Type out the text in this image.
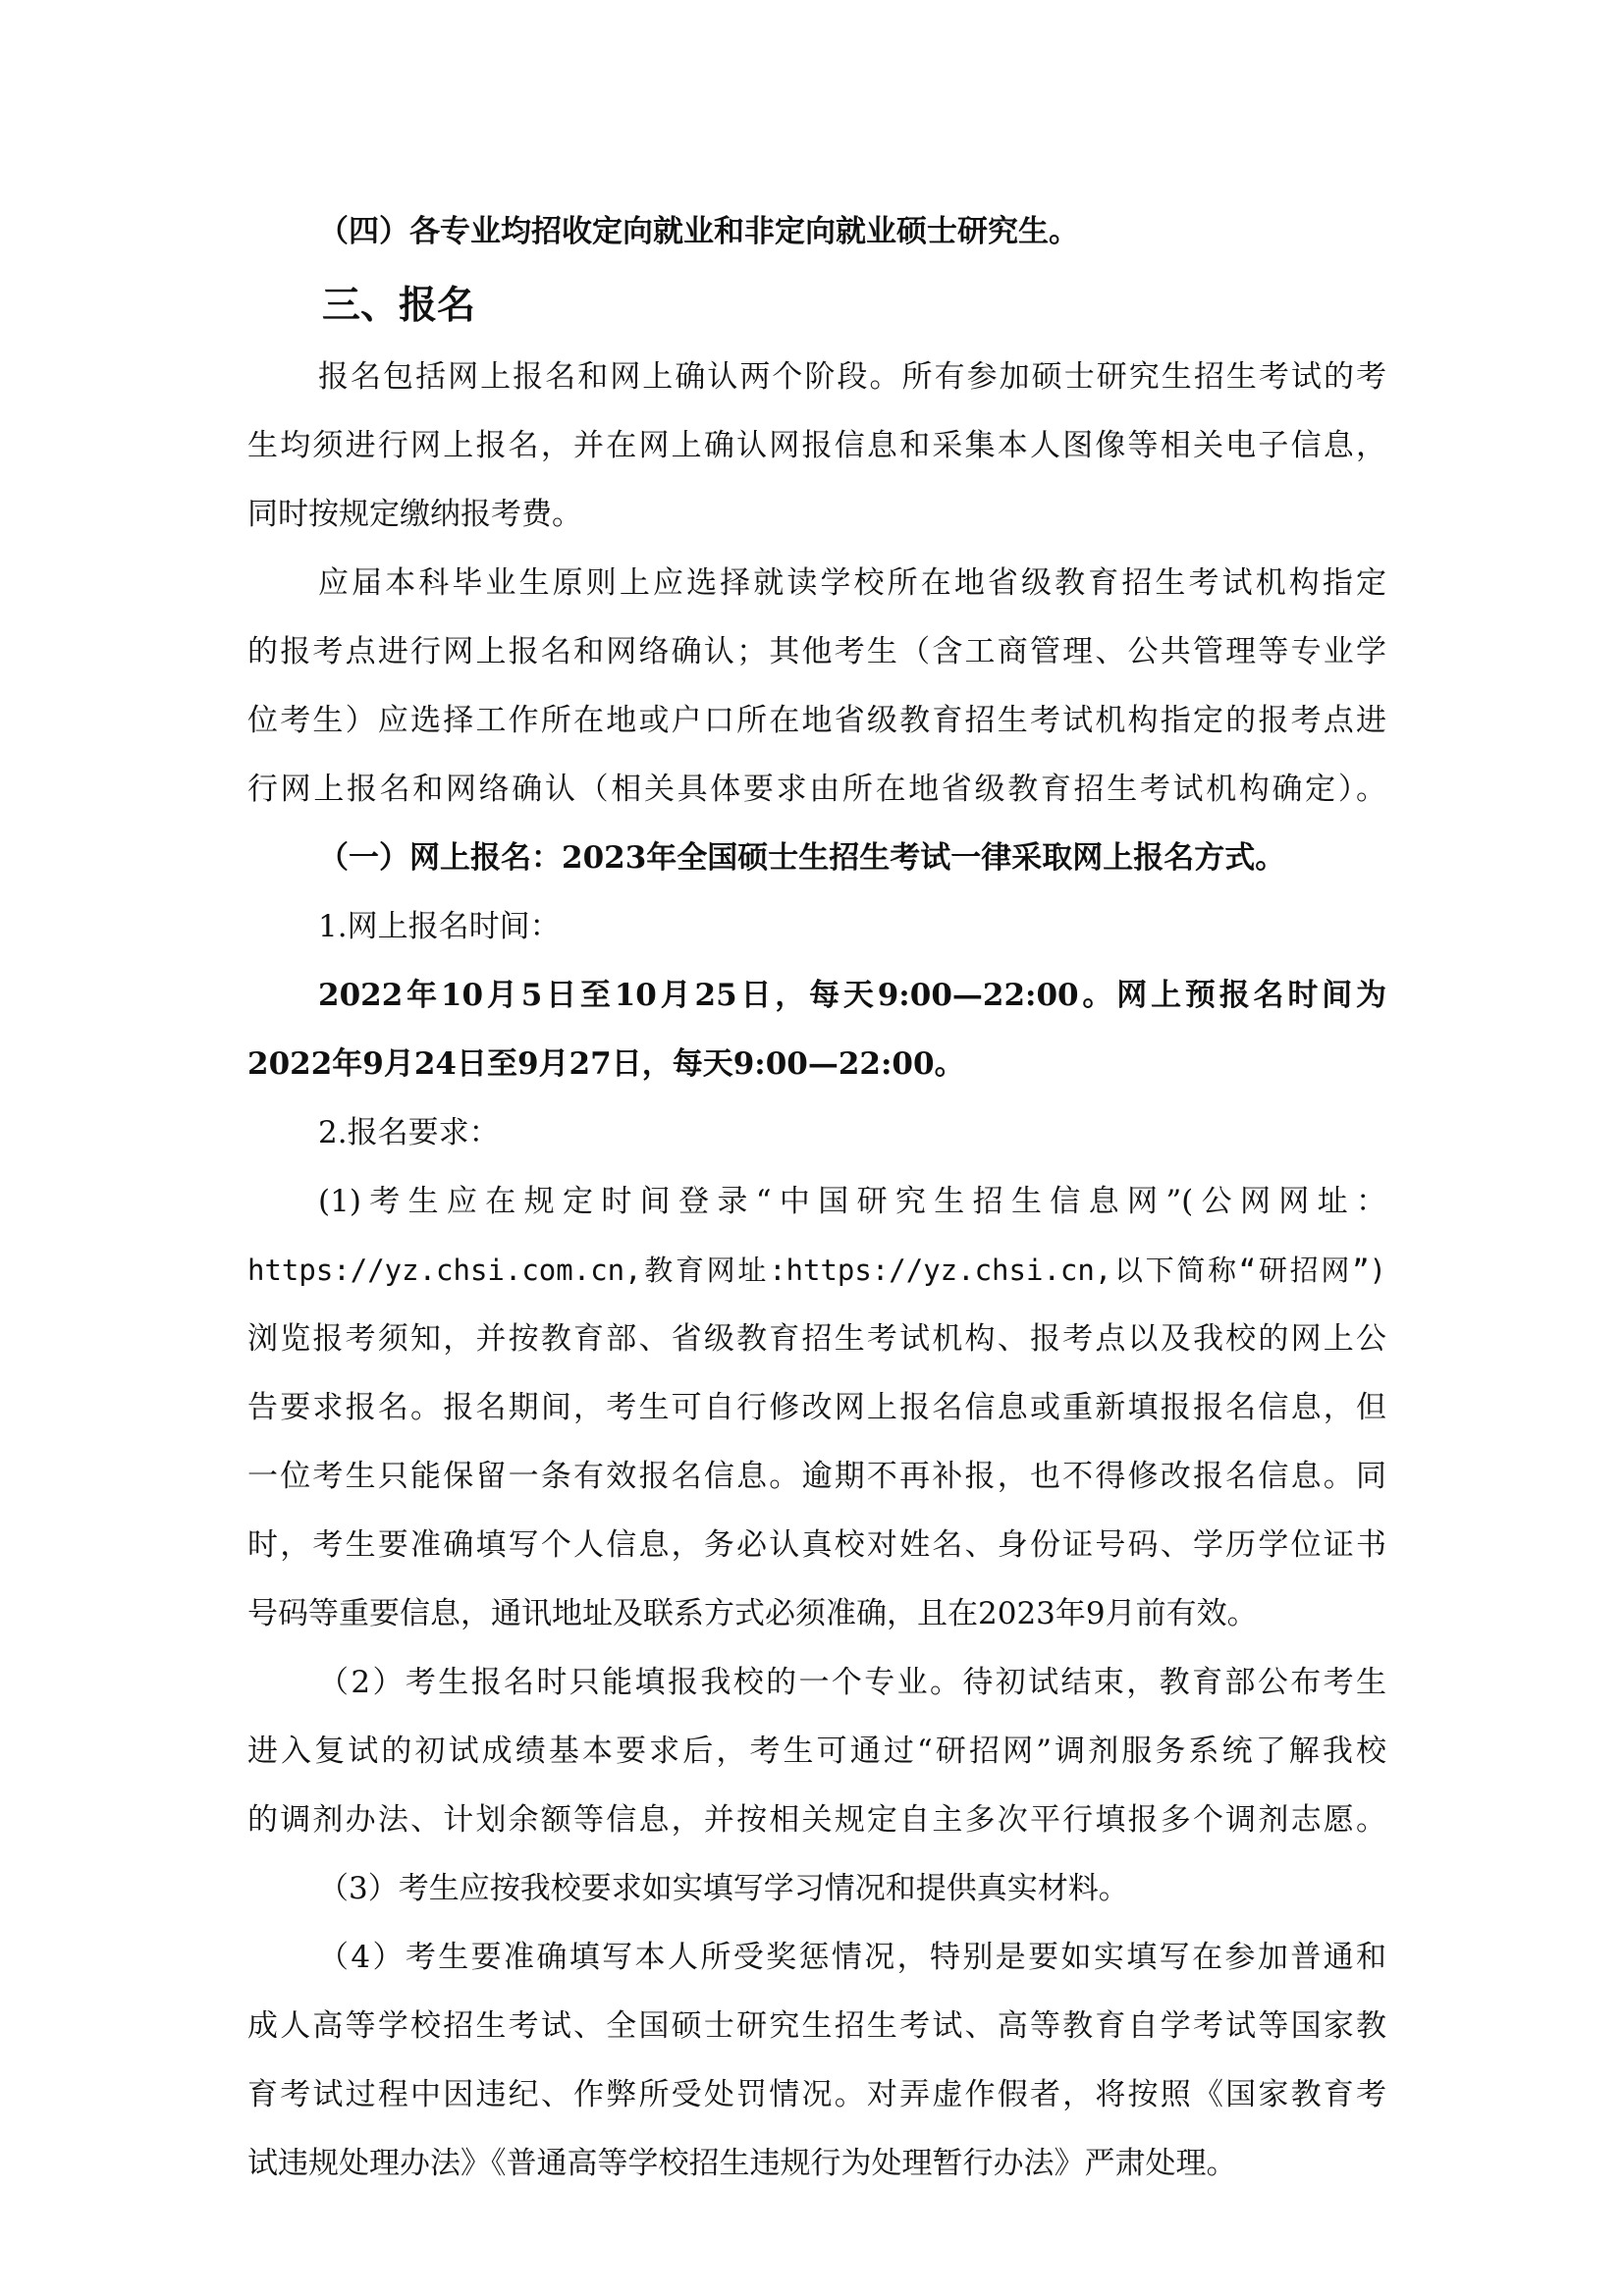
（四）各专业均招收定向就业和非定向就业硕士研究生。
三、报名
报名包括网上报名和网上确认两个阶段。所有参加硕士研究生招生考试的考
生均须进行网上报名，并在网上确认网报信息和采集本人图像等相关电子信息，
同时按规定缴纳报考费。
应届本科毕业生原则上应选择就读学校所在地省级教育招生考试机构指定
的报考点进行网上报名和网络确认；其他考生（含工商管理、公共管理等专业学
位考生）应选择工作所在地或户口所在地省级教育招生考试机构指定的报考点进
行网上报名和网络确认（相关具体要求由所在地省级教育招生考试机构确定）。
（一）网上报名：2023年全国硕士生招生考试一律采取网上报名方式。
1.网上报名时间：
2022年10月5日至10月25日，每天9:00—22:00。网上预报名时间为
2022年9月24日至9月27日，每天9:00—22:00。
2.报名要求：
(1)考生应在规定时间登录“中国研究生招生信息网”(公网网址：
https://yz.chsi.com.cn,教育网址:https://yz.chsi.cn,以下简称“研招网”)
浏览报考须知，并按教育部、省级教育招生考试机构、报考点以及我校的网上公
告要求报名。报名期间，考生可自行修改网上报名信息或重新填报报名信息，但
一位考生只能保留一条有效报名信息。逾期不再补报，也不得修改报名信息。同
时，考生要准确填写个人信息，务必认真校对姓名、身份证号码、学历学位证书
号码等重要信息，通讯地址及联系方式必须准确，且在2023年9月前有效。
（2）考生报名时只能填报我校的一个专业。待初试结束，教育部公布考生
进入复试的初试成绩基本要求后，考生可通过“研招网”调剂服务系统了解我校
的调剂办法、计划余额等信息，并按相关规定自主多次平行填报多个调剂志愿。
（3）考生应按我校要求如实填写学习情况和提供真实材料。
（4）考生要准确填写本人所受奖惩情况，特别是要如实填写在参加普通和
成人高等学校招生考试、全国硕士研究生招生考试、高等教育自学考试等国家教
育考试过程中因违纪、作弊所受处罚情况。对弄虚作假者，将按照《国家教育考
试违规处理办法》《普通高等学校招生违规行为处理暂行办法》严肃处理。
